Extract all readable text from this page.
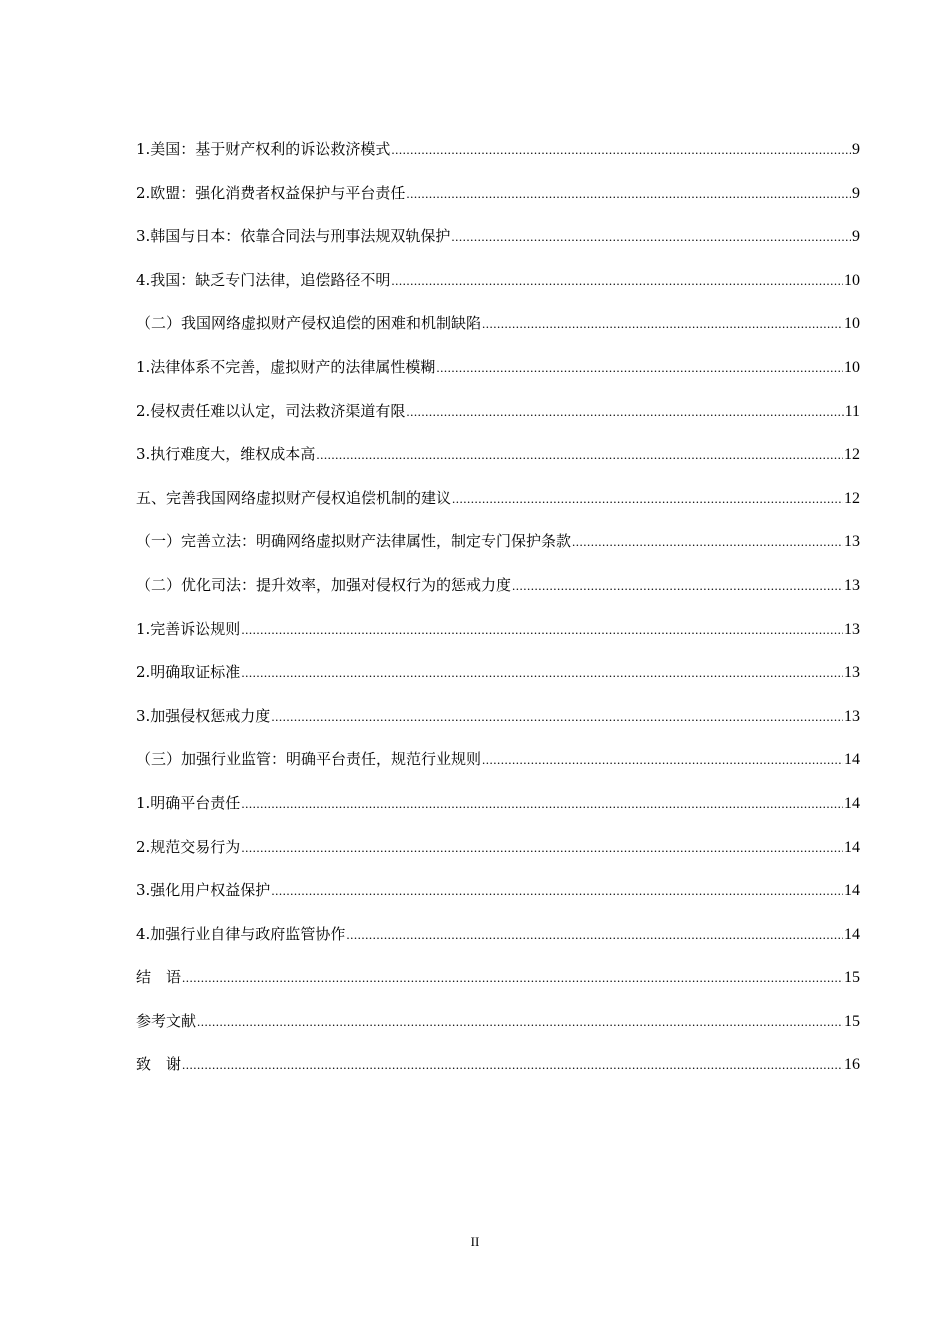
1.美国：基于财产权利的诉讼救济模式 .....	9
2.欧盟：强化消费者权益保护与平台责任 .....	9
3.韩国与日本：依靠合同法与刑事法规双轨保护 .....	9
4.我国：缺乏专门法律，追偿路径不明 .....	10
（二）我国网络虚拟财产侵权追偿的困难和机制缺陷 .....	10
1.法律体系不完善，虚拟财产的法律属性模糊 .....	10
2.侵权责任难以认定，司法救济渠道有限 .....	11
3.执行难度大，维权成本高 .....	12
五、完善我国网络虚拟财产侵权追偿机制的建议 .....	12
（一）完善立法：明确网络虚拟财产法律属性，制定专门保护条款 .....	13
（二）优化司法：提升效率，加强对侵权行为的惩戒力度 .....	13
1.完善诉讼规则 .....	13
2.明确取证标准 .....	13
3.加强侵权惩戒力度 .....	13
（三）加强行业监管：明确平台责任，规范行业规则 .....	14
1.明确平台责任 .....	14
2.规范交易行为 .....	14
3.强化用户权益保护 .....	14
4.加强行业自律与政府监管协作 .....	14
结　语 .....	15
参考文献 .....	15
致　谢 .....	16
II
